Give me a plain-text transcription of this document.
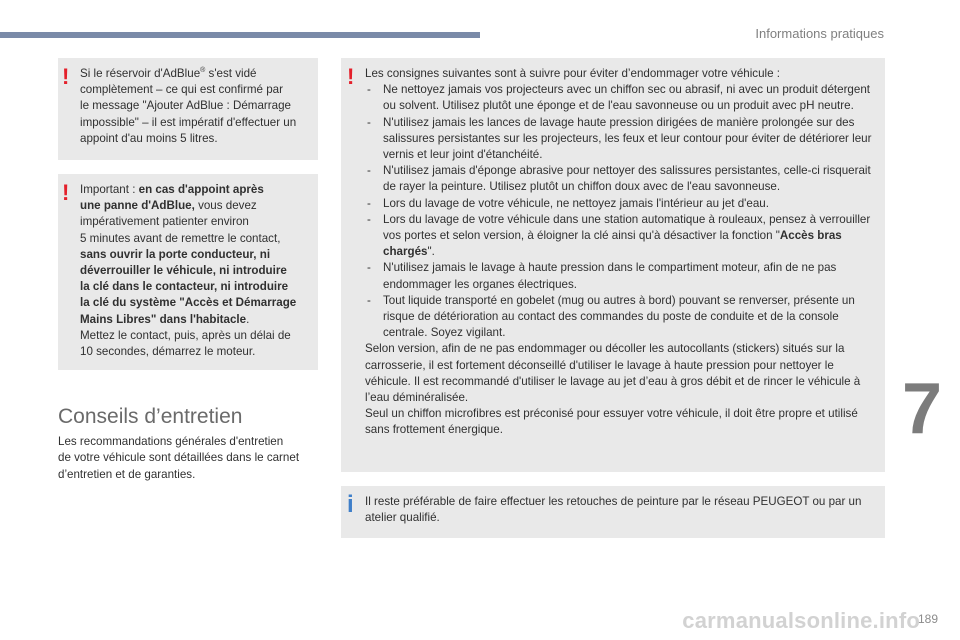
Informations pratiques
! Si le réservoir d'AdBlue® s'est vidé
complètement – ce qui est confirmé par
le message "Ajouter AdBlue : Démarrage
impossible" – il est impératif d'effectuer un
appoint d'au moins 5 litres.

! Important : en cas d'appoint après
une panne d'AdBlue, vous devez
impérativement patienter environ
5 minutes avant de remettre le contact,
sans ouvrir la porte conducteur, ni
déverrouiller le véhicule, ni introduire
la clé dans le contacteur, ni introduire
la clé du système "Accès et Démarrage
Mains Libres" dans l'habitacle.
Mettez le contact, puis, après un délai de
10 secondes, démarrez le moteur.

Conseils d’entretien

Les recommandations générales d'entretien
de votre véhicule sont détaillées dans le carnet
d’entretien et de garanties.

! Les consignes suivantes sont à suivre pour éviter d’endommager votre véhicule :

- Ne nettoyez jamais vos projecteurs avec un chiffon sec ou abrasif, ni avec un produit détergent ou solvent. Utilisez plutôt une éponge et de l'eau savonneuse ou un produit avec pH neutre.
- N'utilisez jamais les lances de lavage haute pression dirigées de manière prolongée sur des salissures persistantes sur les projecteurs, les feux et leur contour pour éviter de détériorer leur vernis et leur joint d'étanchéité.
- N'utilisez jamais d'éponge abrasive pour nettoyer des salissures persistantes, celle-ci risquerait de rayer la peinture. Utilisez plutôt un chiffon doux avec de l'eau savonneuse.
- Lors du lavage de votre véhicule, ne nettoyez jamais l'intérieur au jet d'eau.
- Lors du lavage de votre véhicule dans une station automatique à rouleaux, pensez à verrouiller vos portes et selon version, à éloigner la clé ainsi qu'à désactiver la fonction "Accès bras chargés".
- N'utilisez jamais le lavage à haute pression dans le compartiment moteur, afin de ne pas endommager les organes électriques.
- Tout liquide transporté en gobelet (mug ou autres à bord) pouvant se renverser, présente un risque de détérioration au contact des commandes du poste de conduite et de la console centrale. Soyez vigilant.

Selon version, afin de ne pas endommager ou décoller les autocollants (stickers) situés sur la carrosserie, il est fortement déconseillé d'utiliser le lavage à haute pression pour nettoyer le véhicule. Il est recommandé d'utiliser le lavage au jet d’eau à gros débit et de rincer le véhicule à l’eau déminéralisée.

Seul un chiffon microfibres est préconisé pour essuyer votre véhicule, il doit être propre et utilisé sans frottement énergique.

i Il reste préférable de faire effectuer les retouches de peinture par le réseau PEUGEOT ou par un atelier qualifié.

7
carmanualsonline.info
189
